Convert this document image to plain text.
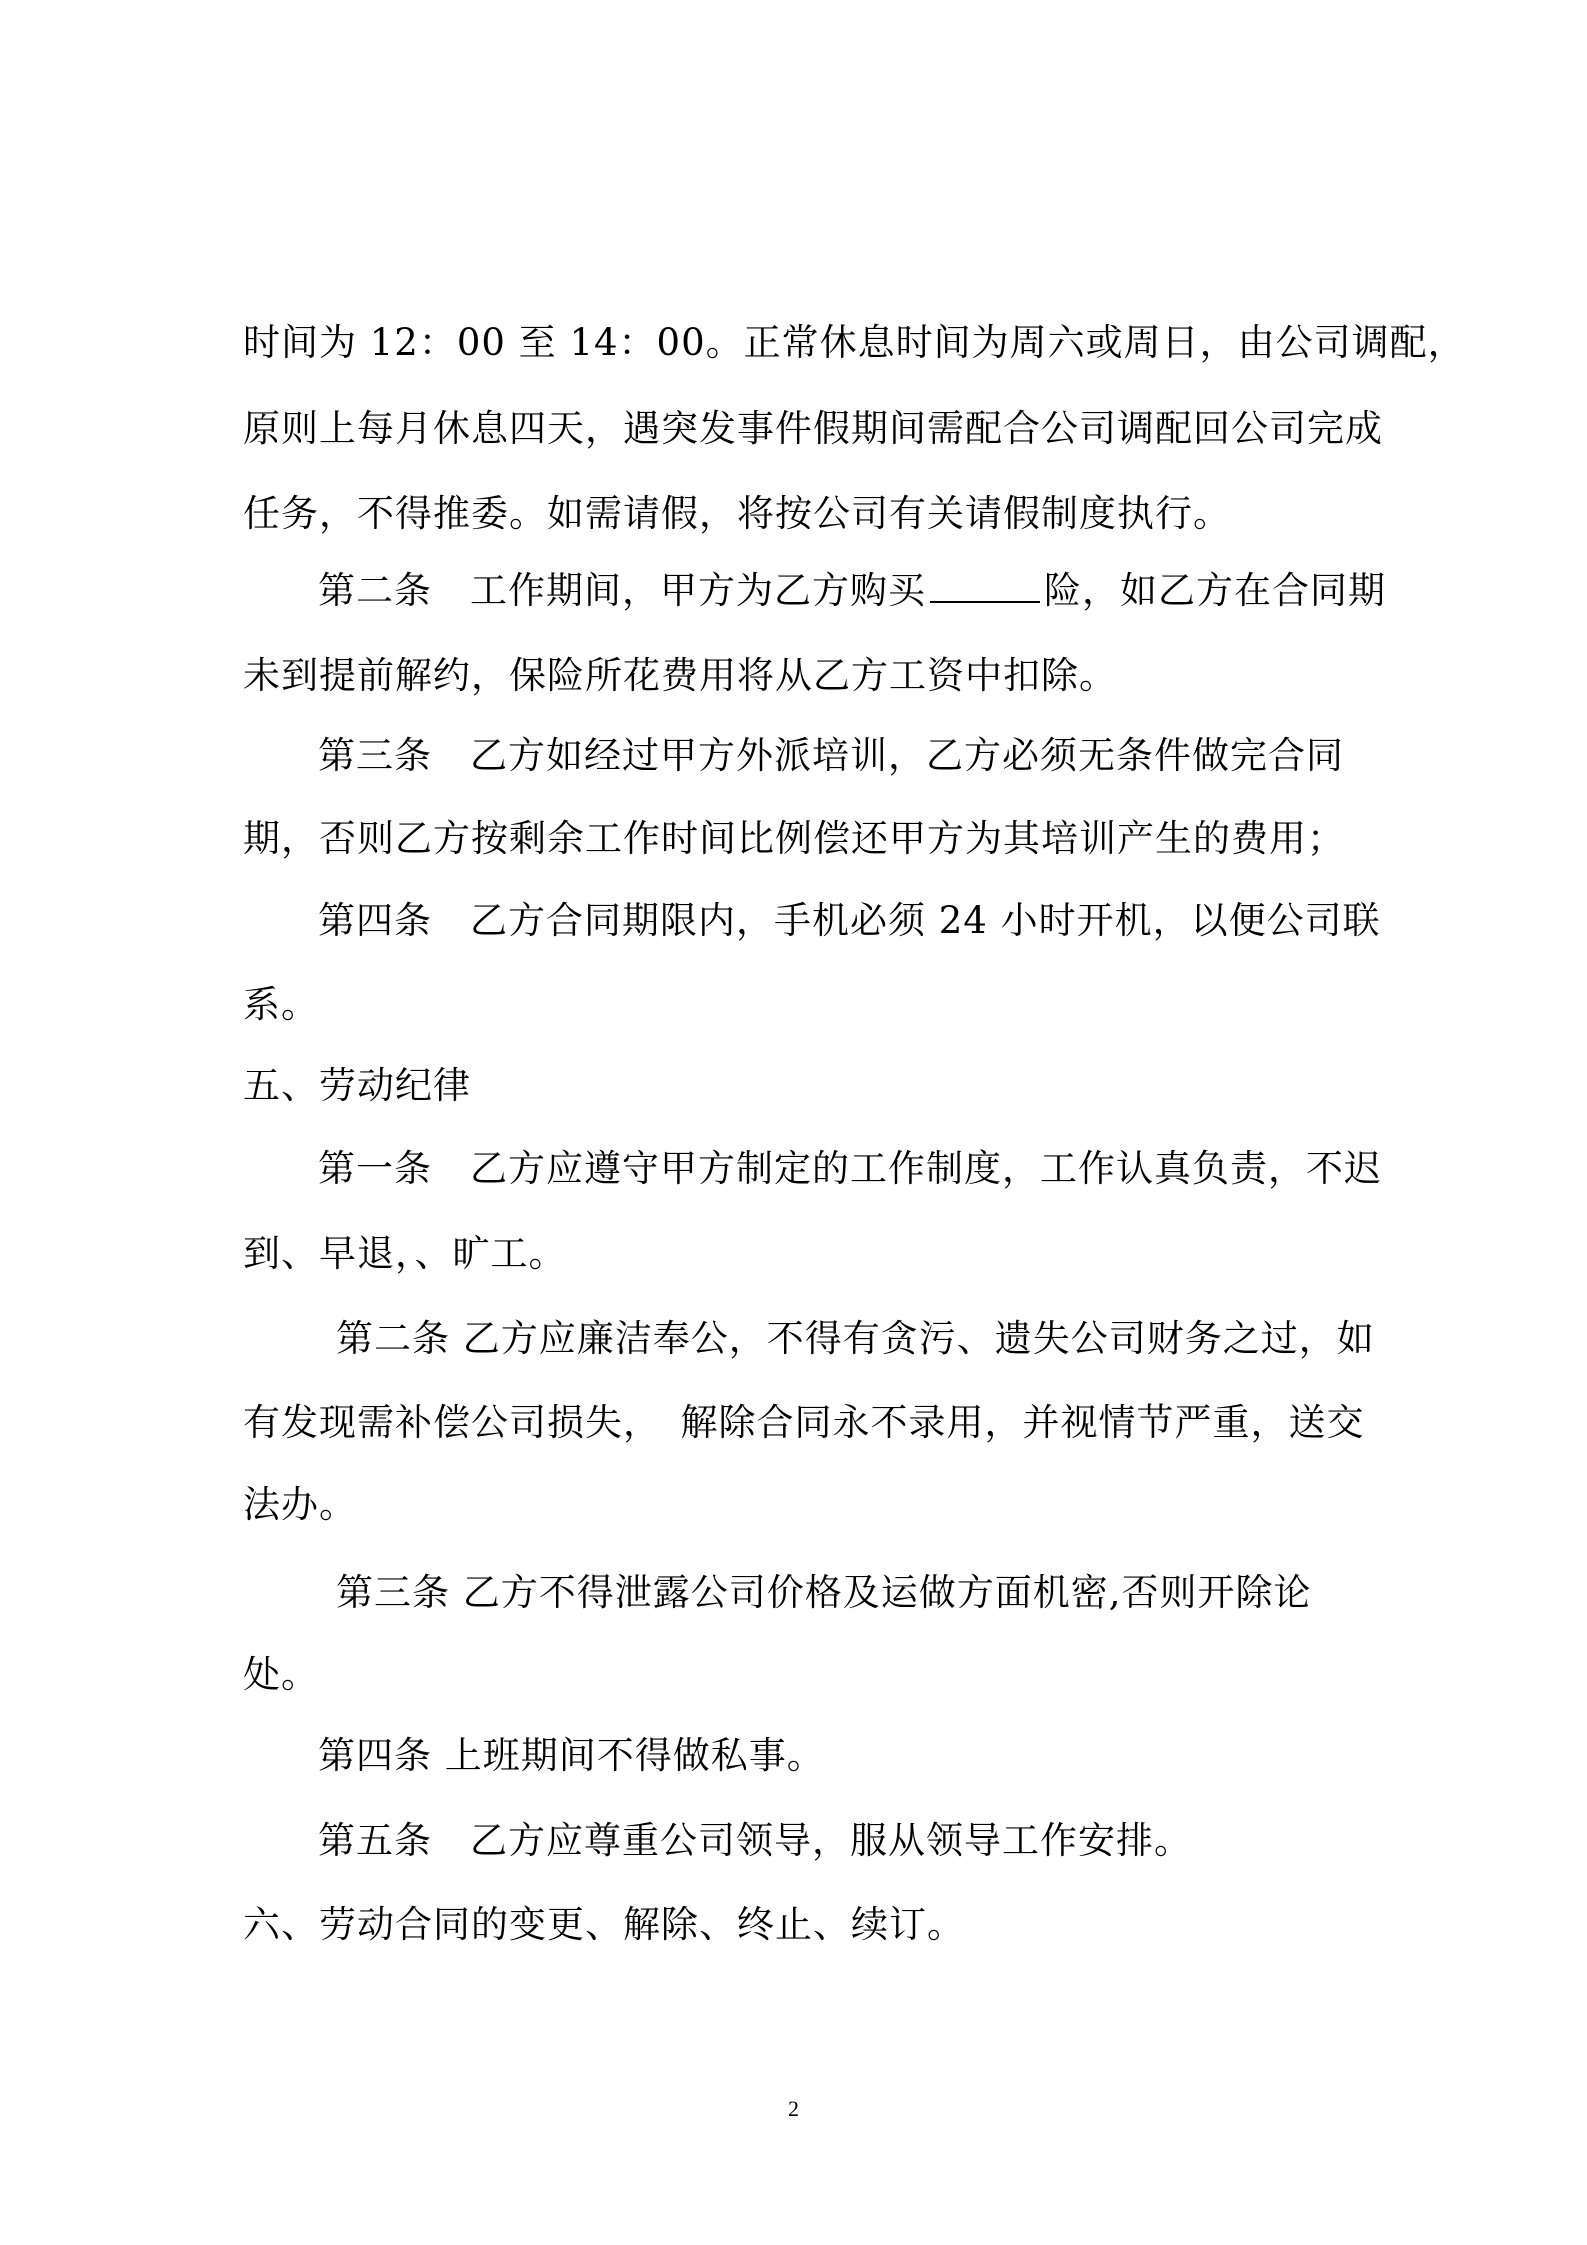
时间为 12：00 至 14：00。正常休息时间为周六或周日，由公司调配，

原则上每月休息四天，遇突发事件假期间需配合公司调配回公司完成

任务，不得推委。如需请假，将按公司有关请假制度执行。

第二条　工作期间，甲方为乙方购买	险，如乙方在合同期

未到提前解约，保险所花费用将从乙方工资中扣除。

第三条　乙方如经过甲方外派培训，乙方必须无条件做完合同

期，否则乙方按剩余工作时间比例偿还甲方为其培训产生的费用；

第四条　乙方合同期限内，手机必须 24 小时开机，以便公司联

系。

五、劳动纪律

第一条　乙方应遵守甲方制定的工作制度，工作认真负责，不迟

到、早退，、旷工。

第二条 乙方应廉洁奉公，不得有贪污、遗失公司财务之过，如

有发现需补偿公司损失，　解除合同永不录用，并视情节严重，送交

法办。

第三条 乙方不得泄露公司价格及运做方面机密,否则开除论

处。

第四条 上班期间不得做私事。

第五条　乙方应尊重公司领导，服从领导工作安排。

六、劳动合同的变更、解除、终止、续订。

2
